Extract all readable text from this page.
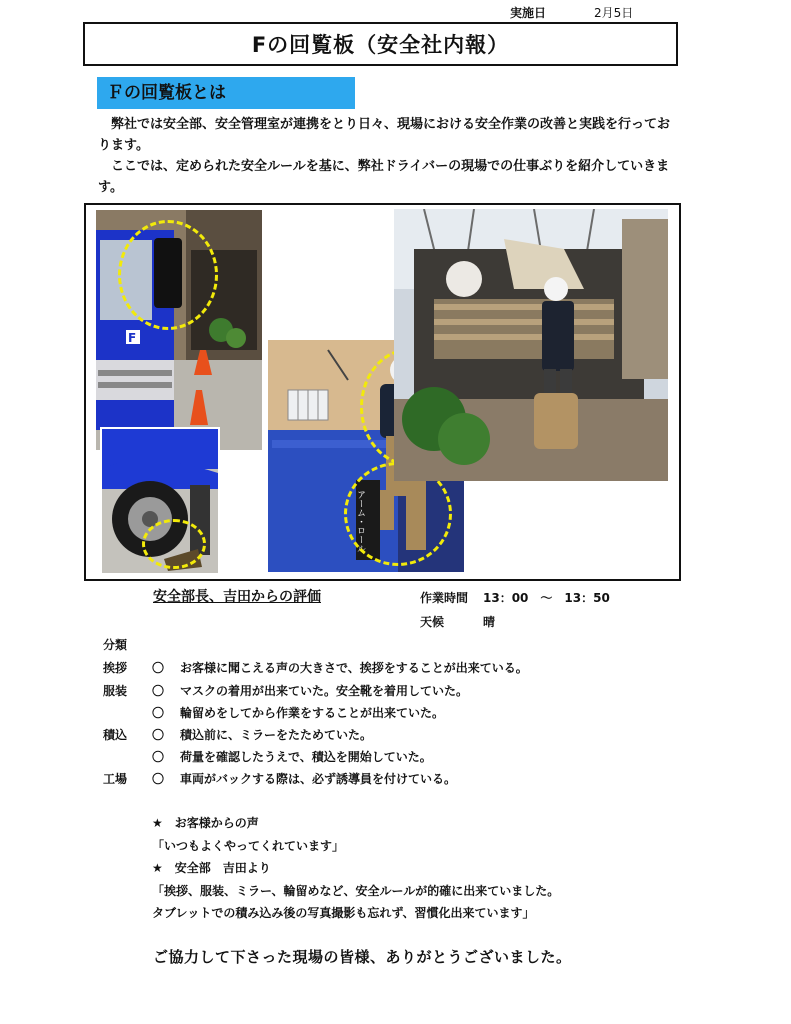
実施日	2月5日
Fの回覧板（安全社内報）
Ｆの回覧板とは
　弊社では安全部、安全管理室が連携をとり日々、現場における安全作業の改善と実践を行っております。
　ここでは、定められた安全ルールを基に、弊社ドライバーの現場での仕事ぶりを紹介していきます。
F
アーム・ロール
安全部長、吉田からの評価	作業時間 13：00　～　13：50
天候	晴
分類
挨拶 〇 お客様に聞こえる声の大きさで、挨拶をすることが出来ている。
服装 〇 マスクの着用が出来ていた。安全靴を着用していた。
〇 輪留めをしてから作業をすることが出来ていた。
積込 〇 積込前に、ミラーをたためていた。
〇 荷量を確認したうえで、積込を開始していた。
工場 〇 車両がバックする際は、必ず誘導員を付けている。
★　お客様からの声
「いつもよくやってくれています」
★　安全部　吉田より
「挨拶、服装、ミラー、輪留めなど、安全ルールが的確に出来ていました。
タブレットでの積み込み後の写真撮影も忘れず、習慣化出来ています」
ご協力して下さった現場の皆様、ありがとうございました。
